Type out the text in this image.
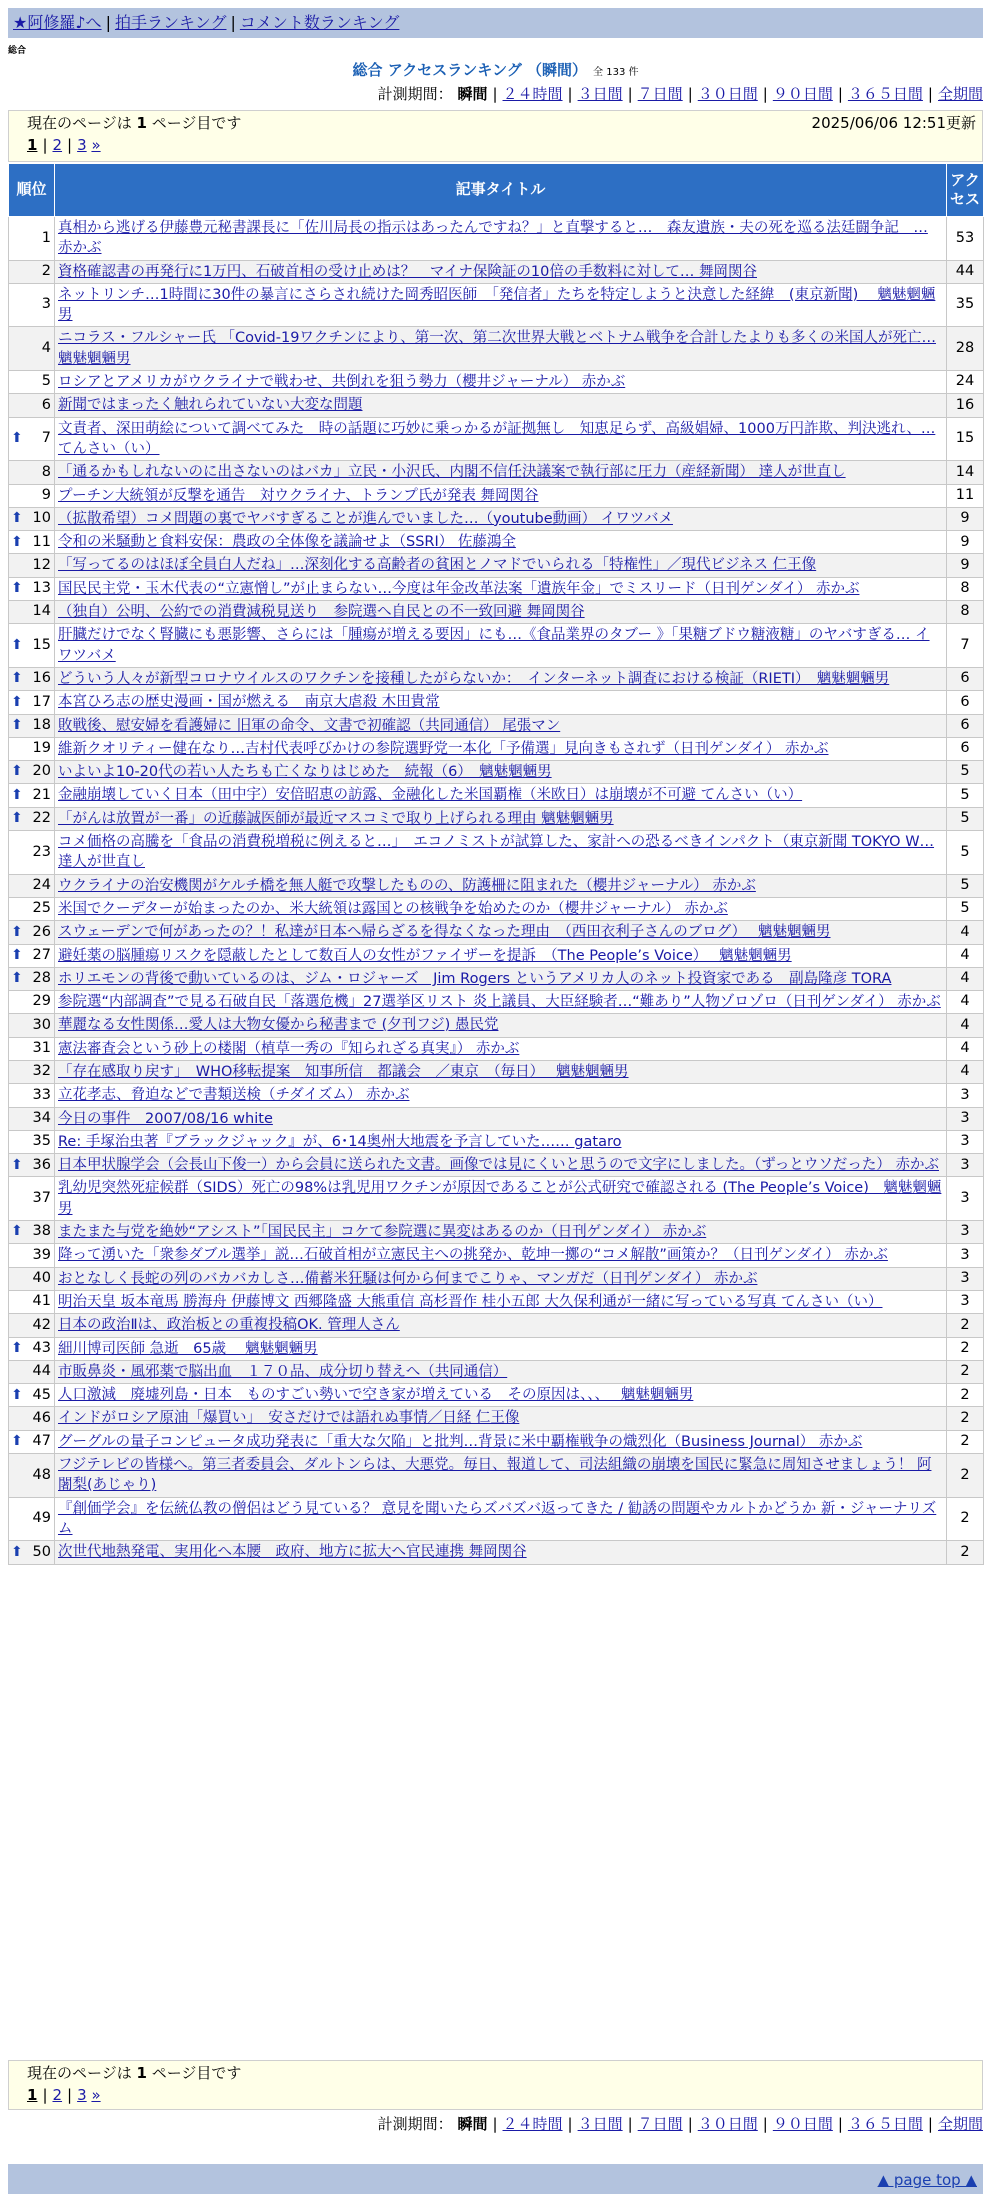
★阿修羅♪へ | 拍手ランキング | コメント数ランキング
総合
総合 アクセスランキング （瞬間） 全 133 件
計測期間： 瞬間 | ２４時間 | ３日間 | ７日間 | ３０日間 | ９０日間 | ３６５日間 | 全期間
現在のページは 1 ページ目です	2025/06/06 12:51更新
1 | 2 | 3 »
順位	記事タイトル	アクセス
1	真相から逃げる伊藤豊元秘書課長に「佐川局長の指示はあったんですね？」と直撃すると…　森友遺族・夫の死を巡る法廷闘争記　… 赤かぶ	53
2	資格確認書の再発行に1万円、石破首相の受け止めは？　マイナ保険証の10倍の手数料に対して… 舞岡関谷	44
3	ネットリンチ…1時間に30件の暴言にさらされ続けた岡秀昭医師　「発信者」たちを特定しようと決意した経緯　(東京新聞)　 魑魅魍魎男	35
4	ニコラス・フルシャー氏 「Covid-19ワクチンにより、第一次、第二次世界大戦とベトナム戦争を合計したよりも多くの米国人が死亡… 魑魅魍魎男	28
5	ロシアとアメリカがウクライナで戦わせ、共倒れを狙う勢力（櫻井ジャーナル） 赤かぶ	24
6	新聞ではまったく触れられていない大変な問題	16

⬆ 7	文責者、深田萌絵について調べてみた　時の話題に巧妙に乗っかるが証拠無し　知恵足らず、高級娼婦、1000万円詐欺、判決逃れ、… てんさい（い）	15
8	「通るかもしれないのに出さないのはバカ」立民・小沢氏、内閣不信任決議案で執行部に圧力（産経新聞） 達人が世直し	14
9	プーチン大統領が反撃を通告　対ウクライナ、トランプ氏が発表 舞岡関谷	11

⬆ 10	（拡散希望）コメ問題の裏でヤバすぎることが進んでいました…（youtube動画） イワツバメ	9

⬆ 11	令和の米騒動と食料安保：農政の全体像を議論せよ（SSRI） 佐藤鴻全	9
12	「写ってるのはほぼ全員白人だね」…深刻化する高齢者の貧困とノマドでいられる「特権性」／現代ビジネス 仁王像	9

⬆ 13	国民民主党・玉木代表の“立憲憎し”が止まらない…今度は年金改革法案「遺族年金」でミスリード（日刊ゲンダイ） 赤かぶ	8
14	（独自）公明、公約での消費減税見送り　参院選へ自民との不一致回避 舞岡関谷	8

⬆ 15	肝臓だけでなく腎臓にも悪影響、さらには「腫瘍が増える要因」にも…《食品業界のタブー 》「果糖ブドウ糖液糖」のヤバすぎる… イワツバメ	7

⬆ 16	どういう人々が新型コロナウイルスのワクチンを接種したがらないか：　インターネット調査における検証（RIETI）　魑魅魍魎男	6

⬆ 17	本宮ひろ志の歴史漫画・国が燃える　南京大虐殺 木田貴常	6

⬆ 18	敗戦後、慰安婦を看護婦に 旧軍の命令、文書で初確認（共同通信） 尾張マン	6
19	維新クオリティー健在なり…吉村代表呼びかけの参院選野党一本化「予備選」見向きもされず（日刊ゲンダイ） 赤かぶ	6

⬆ 20	いよいよ10-20代の若い人たちも亡くなりはじめた　続報（6）　魑魅魍魎男	5

⬆ 21	金融崩壊していく日本（田中宇）安倍昭恵の訪露、金融化した米国覇権（米欧日）は崩壊が不可避 てんさい（い）	5

⬆ 22	「がんは放置が一番」の近藤誠医師が最近マスコミで取り上げられる理由 魑魅魍魎男	5
23	コメ価格の高騰を「食品の消費税増税に例えると…」　エコノミストが試算した、家計への恐るべきインパクト（東京新聞 TOKYO W… 達人が世直し	5
24	ウクライナの治安機関がケルチ橋を無人艇で攻撃したものの、防護柵に阻まれた（櫻井ジャーナル） 赤かぶ	5
25	米国でクーデターが始まったのか、米大統領は露国との核戦争を始めたのか（櫻井ジャーナル） 赤かぶ	5

⬆ 26	スウェーデンで何があったの？！私達が日本へ帰らざるを得なくなった理由　（西田衣利子さんのブログ）　 魑魅魍魎男	4

⬆ 27	避妊薬の脳腫瘍リスクを隠蔽したとして数百人の女性がファイザーを提訴　（The People’s Voice）　 魑魅魍魎男	4

⬆ 28	ホリエモンの背後で動いているのは、ジム・ロジャーズ　Jim Rogers というアメリカ人のネット投資家である　副島隆彦 TORA	4
29	参院選“内部調査”で見る石破自民「落選危機」27選挙区リスト 炎上議員、大臣経験者…“難あり”人物ゾロゾロ（日刊ゲンダイ） 赤かぶ	4
30	華麗なる女性関係…愛人は大物女優から秘書まで (夕刊フジ) 愚民党	4
31	憲法審査会という砂上の楼閣（植草一秀の『知られざる真実』） 赤かぶ	4
32	「存在感取り戻す」　WHO移転提案　知事所信　都議会　／東京　（毎日）　 魑魅魍魎男	4
33	立花孝志、脅迫などで書類送検（チダイズム） 赤かぶ	3
34	今日の事件　2007/08/16 white	3
35	Re: 手塚治虫著『ブラックジャック』が、6･14奥州大地震を予言していた…… gataro	3

⬆ 36	日本甲状腺学会（会長山下俊一）から会員に送られた文書。画像では見にくいと思うので文字にしました。（ずっとウソだった） 赤かぶ	3
37	乳幼児突然死症候群（SIDS）死亡の98%は乳児用ワクチンが原因であることが公式研究で確認される (The People’s Voice)　魑魅魍魎男	3

⬆ 38	またまた与党を絶妙“アシスト”「国民民主」コケて参院選に異変はあるのか（日刊ゲンダイ） 赤かぶ	3
39	降って湧いた「衆参ダブル選挙」説…石破首相が立憲民主への挑発か、乾坤一擲の“コメ解散”画策か？（日刊ゲンダイ） 赤かぶ	3
40	おとなしく長蛇の列のバカバカしさ…備蓄米狂騒は何から何までこりゃ、マンガだ（日刊ゲンダイ） 赤かぶ	3
41	明治天皇 坂本竜馬 勝海舟 伊藤博文 西郷隆盛 大熊重信 高杉晋作 桂小五郎 大久保利通が一緒に写っている写真 てんさい（い）	3
42	日本の政治Ⅱは、政治板との重複投稿OK. 管理人さん	2

⬆ 43	細川博司医師 急逝　65歳　 魑魅魍魎男	2
44	市販鼻炎・風邪薬で脳出血　１７０品、成分切り替えへ（共同通信）	2

⬆ 45	人口激減　廃墟列島・日本　ものすごい勢いで空き家が増えている　その原因は、、、　 魑魅魍魎男	2
46	インドがロシア原油「爆買い」　安さだけでは語れぬ事情／日経 仁王像	2

⬆ 47	グーグルの量子コンピュータ成功発表に「重大な欠陥」と批判…背景に米中覇権戦争の熾烈化（Business Journal） 赤かぶ	2
48	フジテレビの皆様へ。第三者委員会、ダルトンらは、大悪党。毎日、報道して、司法組織の崩壊を国民に緊急に周知させましょう！ 阿闍梨(あじゃり)	2
49	『創価学会』を伝統仏教の僧侶はどう見ている？ 意見を聞いたらズバズバ返ってきた / 勧誘の問題やカルトかどうか 新・ジャーナリズム	2

⬆ 50	次世代地熱発電、実用化へ本腰　政府、地方に拡大へ官民連携 舞岡関谷	2
現在のページは 1 ページ目です
1 | 2 | 3 »
計測期間： 瞬間 | ２４時間 | ３日間 | ７日間 | ３０日間 | ９０日間 | ３６５日間 | 全期間
▲ page top ▲
